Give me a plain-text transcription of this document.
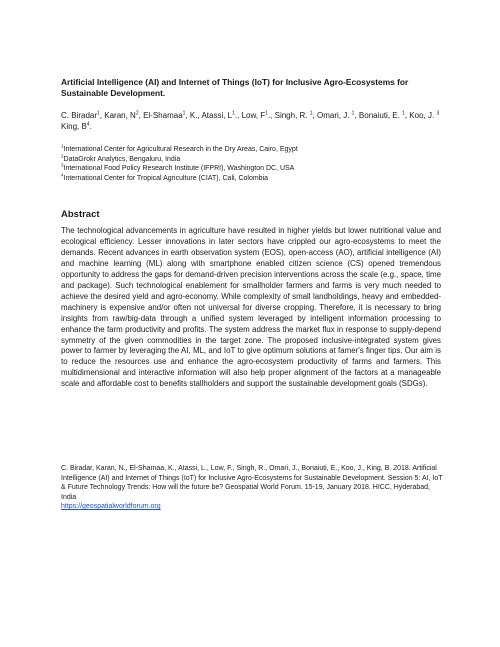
Artificial Intelligence (AI) and Internet of Things (IoT) for Inclusive Agro-Ecosystems for Sustainable Development.

C. Biradar$^1$, Karan, $N^2$, El-Shamaa$^1$, K., Atassi, $L^1$., Low, $F^1$., Singh, R. $^1$, Omari, J. $^1$, Bonaiuti, E. $^1$, Koo, J. $^3$ King, $B^4$.

$^1$International Center for Agricultural Research in the Dry Areas, Cairo, Egypt
$^2$DataGrokr Analytics, Bengaluru, India
$^3$International Food Policy Research Institute (IFPRI), Washington DC, USA
$^4$International Center for Tropical Agriculture (CIAT), Cali, Colombia
Abstract

The technological advancements in agriculture have resulted in higher yields but lower nutritional value and ecological efficiency. Lesser innovations in later sectors have crippled our agro-ecosystems to meet the demands. Recent advances in earth observation system (EOS), open-access (AO), artificial intelligence (AI) and machine learning (ML) along with smartphone enabled citizen science (CS) opened tremendous opportunity to address the gaps for demand-driven precision interventions across the scale (e.g., space, time and package). Such technological enablement for smallholder farmers and farms is very much needed to achieve the desired yield and agro-economy. While complexity of small landholdings, heavy and embedded-machinery is expensive and/or often not universal for diverse cropping. Therefore, it is necessary to bring insights from raw/big-data through a unified system leveraged by intelligent information processing to enhance the farm productivity and profits. The system address the market flux in response to supply-depend symmetry of the given commodities in the target zone. The proposed inclusive-integrated system gives power to farmer by leveraging the AI, ML, and IoT to give optimum solutions at famer's finger tips. Our aim is to reduce the resources use and enhance the agro-ecosystem productivity of farms and farmers. This multidimensional and interactive information will also help proper alignment of the factors at a manageable scale and affordable cost to benefits stallholders and support the sustainable development goals (SDGs).

C. Biradar, Karan, N., El-Shamaa, K., Atassi, L., Low, F., Singh, R., Omari, J., Bonaiuti, E., Koo, J., King, B. 2018. Artificial Intelligence (AI) and Internet of Things (IoT) for Inclusive Agro-Ecosystems for Sustainable Development. Session 5: AI, IoT & Future Technology Trends: How will the future be? Geospatial World Forum. 15-19, January 2018. HICC, Hyderabad, India
https://geospatialworldforum.org
